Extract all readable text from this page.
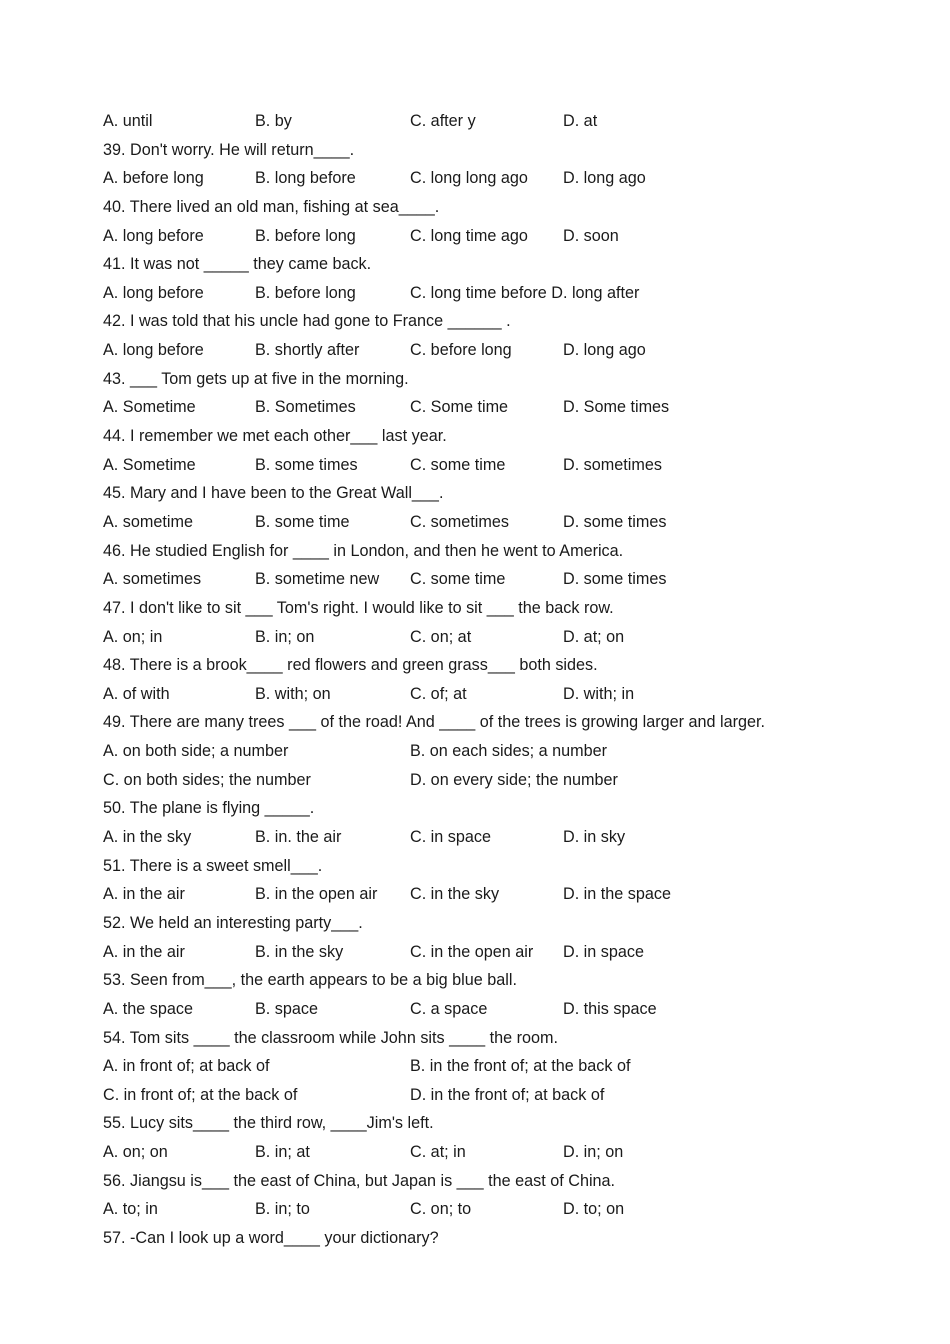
A. until	B. by	C. after y	D. at
39. Don't worry. He will return____.
A. before long	B. long before	C. long long ago D. long ago
40. There lived an old man, fishing at sea____.
A. long before	B. before long	C. long time ago D. soon
41. It was not _____ they came back.
A. long before	B. before long	C. long time before D. long after
42. I was told that his uncle had gone to France ______ .
A. long before	B. shortly after	C. before long	D. long ago
43. ___ Tom gets up at five in the morning.
A. Sometime	B. Sometimes	C. Some time	D. Some times
44. I remember we met each other___ last year.
A. Sometime	B. some times	C. some time	D. sometimes
45. Mary and I have been to the Great Wall___.
A. sometime	B. some time	C. sometimes	D. some times
46. He studied English for ____ in London, and then he went to America.
A. sometimes	B. sometime new C. some time	D. some times
47. I don't like to sit ___ Tom's right. I would like to sit ___ the back row.
A. on; in	B. in; on	C. on; at	D. at; on
48. There is a brook____ red flowers and green grass___ both sides.
A. of with	B. with; on	C. of; at	D. with; in
49. There are many trees ___ of the road! And ____ of the trees is growing larger and larger.
A. on both side; a number	B. on each sides; a number
C. on both sides; the number	D. on every side; the number
50. The plane is flying _____.
A. in the sky	B. in. the air	C. in space	D. in sky
51. There is a sweet smell___.
A. in the air	B. in the open air C. in the sky	D. in the space
52. We held an interesting party___.
A. in the air	B. in the sky	C. in the open air D. in space
53. Seen from___, the earth appears to be a big blue ball.
A. the space	B. space	C. a space	D. this space
54. Tom sits ____ the classroom while John sits ____ the room.
A. in front of; at back of	B. in the front of; at the back of
C. in front of; at the back of	D. in the front of; at back of
55. Lucy sits____ the third row, ____Jim's left.
A. on; on	B. in; at	C. at; in	D. in; on
56. Jiangsu is___ the east of China, but Japan is ___ the east of China.
A. to; in	B. in; to	C. on; to	D. to; on
57. -Can I look up a word____ your dictionary?
